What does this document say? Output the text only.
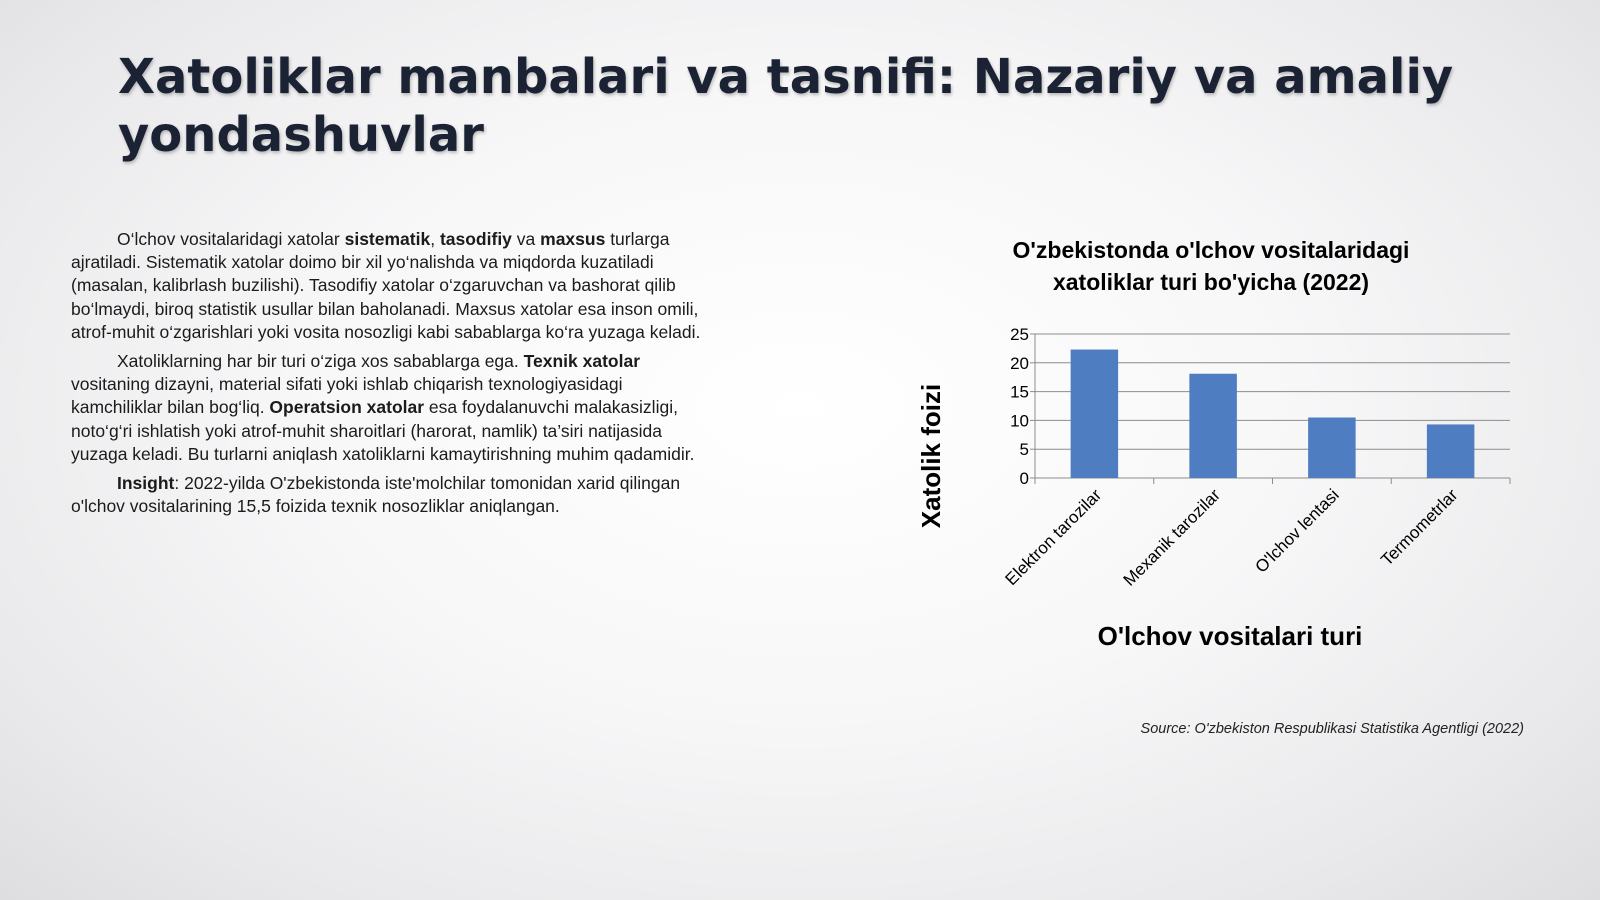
Xatoliklar manbalari va tasnifi: Nazariy va amaliy yondashuvlar

O‘lchov vositalaridagi xatolar sistematik, tasodifiy va maxsus turlarga ajratiladi. Sistematik xatolar doimo bir xil yo‘nalishda va miqdorda kuzatiladi (masalan, kalibrlash buzilishi). Tasodifiy xatolar o‘zgaruvchan va bashorat qilib bo‘lmaydi, biroq statistik usullar bilan baholanadi. Maxsus xatolar esa inson omili, atrof-muhit o‘zgarishlari yoki vosita nosozligi kabi sabablarga ko‘ra yuzaga keladi.

Xatoliklarning har bir turi o‘ziga xos sabablarga ega. Texnik xatolar vositaning dizayni, material sifati yoki ishlab chiqarish texnologiyasidagi kamchiliklar bilan bog‘liq. Operatsion xatolar esa foydalanuvchi malakasizligi, noto‘g‘ri ishlatish yoki atrof-muhit sharoitlari (harorat, namlik) ta’siri natijasida yuzaga keladi. Bu turlarni aniqlash xatoliklarni kamaytirishning muhim qadamidir.

Insight: 2022-yilda O'zbekistonda iste'molchilar tomonidan xarid qilingan o'lchov vositalarining 15,5 foizida texnik nosozliklar aniqlangan.

O'zbekistonda o'lchov vositalaridagi
xatoliklar turi bo'yicha (2022)
0
5
10
15
20
25
Elektron tarozilar Mexanik tarozilar O'lchov lentasi Termometrlar
O'lchov vositalari turi
Xatolik foizi
Source: O'zbekiston Respublikasi Statistika Agentligi (2022)
